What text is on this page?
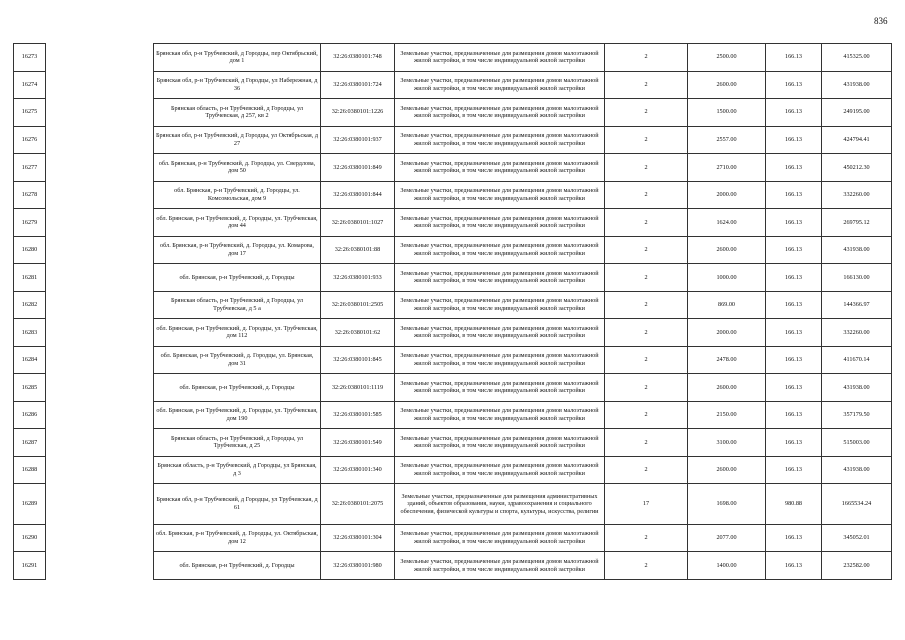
836
16273		Брянская обл, р-н Трубчевский, д Городцы, пер Октябрьский, дом 1	32:26:0380101:748	Земельные участки, предназначенные для размещения домов малоэтажной жилой застройки, в том числе индивидуальной жилой застройки	2	2500.00	166.13	415325.00
16274		Брянская обл, р-н Трубчевский, д Городцы, ул Набережная, д 36	32:26:0380101:724	Земельные участки, предназначенные для размещения домов малоэтажной жилой застройки, в том числе индивидуальной жилой застройки	2	2600.00	166.13	431938.00
16275		Брянская область, р-н Трубчевский, д Городцы, ул Трубчевская, д 257, кв 2	32:26:0380101:1226	Земельные участки, предназначенные для размещения домов малоэтажной жилой застройки, в том числе индивидуальной жилой застройки	2	1500.00	166.13	249195.00
16276		Брянская обл, р-н Трубчевский, д Городцы, ул Октябрьская, д 27	32:26:0380101:937	Земельные участки, предназначенные для размещения домов малоэтажной жилой застройки, в том числе индивидуальной жилой застройки	2	2557.00	166.13	424794.41
16277		обл. Брянская, р-н Трубчевский, д. Городцы, ул. Свердлова, дом 50	32:26:0380101:849	Земельные участки, предназначенные для размещения домов малоэтажной жилой застройки, в том числе индивидуальной жилой застройки	2	2710.00	166.13	450212.30
16278		обл. Брянская, р-н Трубчевский, д. Городцы, ул. Комсомольская, дом 9	32:26:0380101:844	Земельные участки, предназначенные для размещения домов малоэтажной жилой застройки, в том числе индивидуальной жилой застройки	2	2000.00	166.13	332260.00
16279		обл. Брянская, р-н Трубчевский, д. Городцы, ул. Трубчевская, дом 44	32:26:0380101:1027	Земельные участки, предназначенные для размещения домов малоэтажной жилой застройки, в том числе индивидуальной жилой застройки	2	1624.00	166.13	269795.12
16280		обл. Брянская, р-н Трубчевский, д. Городцы, ул. Комарова, дом 17	32:26:0380101:88	Земельные участки, предназначенные для размещения домов малоэтажной жилой застройки, в том числе индивидуальной жилой застройки	2	2600.00	166.13	431938.00
16281		обл. Брянская, р-н Трубчевский, д. Городцы	32:26:0380101:933	Земельные участки, предназначенные для размещения домов малоэтажной жилой застройки, в том числе индивидуальной жилой застройки	2	1000.00	166.13	166130.00
16282		Брянская область, р-н Трубчевский, д Городцы, ул Трубчевская, д 5 а	32:26:0380101:2505	Земельные участки, предназначенные для размещения домов малоэтажной жилой застройки, в том числе индивидуальной жилой застройки	2	869.00	166.13	144366.97
16283		обл. Брянская, р-н Трубчевский, д. Городцы, ул. Трубчевская, дом 112	32:26:0380101:62	Земельные участки, предназначенные для размещения домов малоэтажной жилой застройки, в том числе индивидуальной жилой застройки	2	2000.00	166.13	332260.00
16284		обл. Брянская, р-н Трубчевский, д. Городцы, ул. Брянская, дом 31	32:26:0380101:845	Земельные участки, предназначенные для размещения домов малоэтажной жилой застройки, в том числе индивидуальной жилой застройки	2	2478.00	166.13	411670.14
16285		обл. Брянская, р-н Трубчевский, д. Городцы	32:26:0380101:1119	Земельные участки, предназначенные для размещения домов малоэтажной жилой застройки, в том числе индивидуальной жилой застройки	2	2600.00	166.13	431938.00
16286		обл. Брянская, р-н Трубчевский, д. Городцы, ул. Трубчевская, дом 190	32:26:0380101:585	Земельные участки, предназначенные для размещения домов малоэтажной жилой застройки, в том числе индивидуальной жилой застройки	2	2150.00	166.13	357179.50
16287		Брянская область, р-н Трубчевский, д Городцы, ул Трубчевская, д 25	32:26:0380101:549	Земельные участки, предназначенные для размещения домов малоэтажной жилой застройки, в том числе индивидуальной жилой застройки	2	3100.00	166.13	515003.00
16288		Брянская область, р-н Трубчевский, д Городцы, ул Брянская, д 3	32:26:0380101:340	Земельные участки, предназначенные для размещения домов малоэтажной жилой застройки, в том числе индивидуальной жилой застройки	2	2600.00	166.13	431938.00
16289		Брянская обл, р-н Трубчевский, д Городцы, ул Трубчевская, д 61	32:26:0380101:2075	Земельные участки, предназначенные для размещения административных зданий, объектов образования, науки, здравоохранения и социального обеспечения, физической культуры и спорта, культуры, искусства, религии	17	1698.00	980.88	1665534.24
16290		обл. Брянская, р-н Трубчевский, д. Городцы, ул. Октябрьская, дом 12	32:26:0380101:304	Земельные участки, предназначенные для размещения домов малоэтажной жилой застройки, в том числе индивидуальной жилой застройки	2	2077.00	166.13	345052.01
16291		обл. Брянская, р-н Трубчевский, д. Городцы	32:26:0380101:980	Земельные участки, предназначенные для размещения домов малоэтажной жилой застройки, в том числе индивидуальной жилой застройки	2	1400.00	166.13	232582.00
